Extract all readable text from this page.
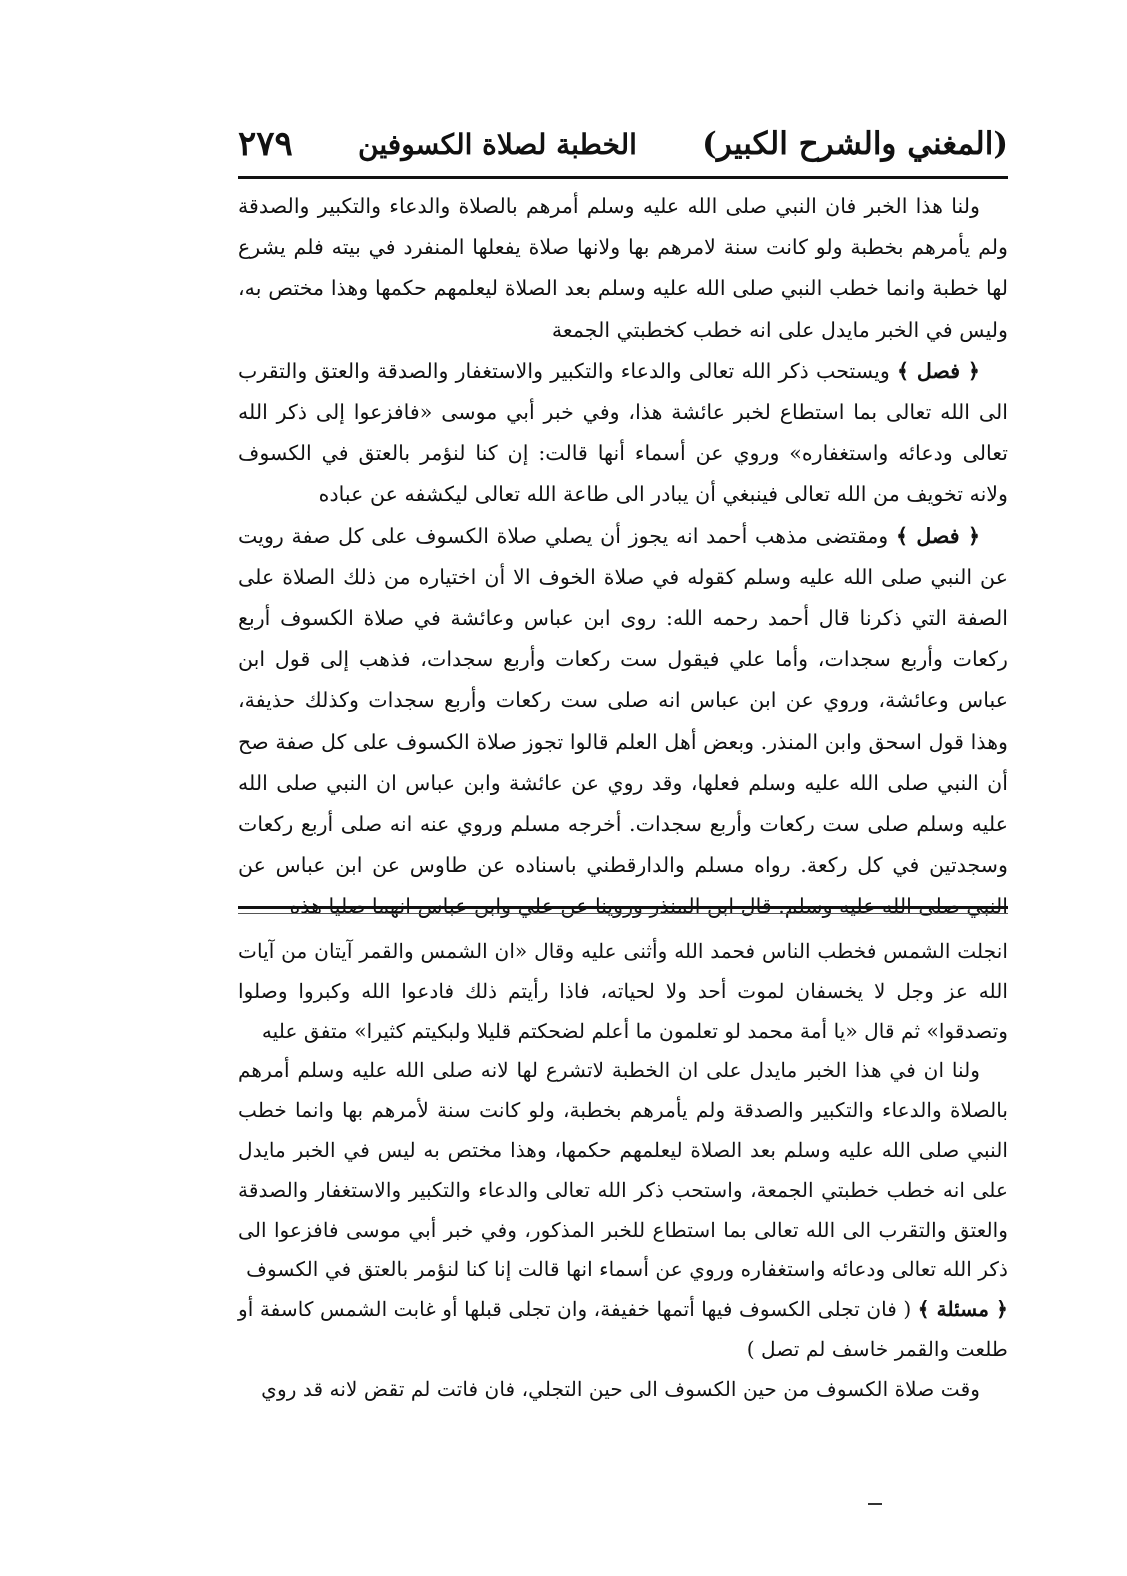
(المغني والشرح الكبير)
الخطبة لصلاة الكسوفين
٢٧٩

ولنا هذا الخبر فان النبي صلى الله عليه وسلم أمرهم بالصلاة والدعاء والتكبير والصدقة ولم يأمرهم بخطبة ولو كانت سنة لامرهم بها ولانها صلاة يفعلها المنفرد في بيته فلم يشرع لها خطبة وانما خطب النبي صلى الله عليه وسلم بعد الصلاة ليعلمهم حكمها وهذا مختص به، وليس في الخبر مايدل على انه خطب كخطبتي الجمعة

﴿ فصل ﴾ ويستحب ذكر الله تعالى والدعاء والتكبير والاستغفار والصدقة والعتق والتقرب الى الله تعالى بما استطاع لخبر عائشة هذا، وفي خبر أبي موسى «فافزعوا إلى ذكر الله تعالى ودعائه واستغفاره» وروي عن أسماء أنها قالت: إن كنا لنؤمر بالعتق في الكسوف ولانه تخويف من الله تعالى فينبغي أن يبادر الى طاعة الله تعالى ليكشفه عن عباده

﴿ فصل ﴾ ومقتضى مذهب أحمد انه يجوز أن يصلي صلاة الكسوف على كل صفة رويت عن النبي صلى الله عليه وسلم كقوله في صلاة الخوف الا أن اختياره من ذلك الصلاة على الصفة التي ذكرنا قال أحمد رحمه الله: روى ابن عباس وعائشة في صلاة الكسوف أربع ركعات وأربع سجدات، وأما علي فيقول ست ركعات وأربع سجدات، فذهب إلى قول ابن عباس وعائشة، وروي عن ابن عباس انه صلى ست ركعات وأربع سجدات وكذلك حذيفة، وهذا قول اسحق وابن المنذر. وبعض أهل العلم قالوا تجوز صلاة الكسوف على كل صفة صح أن النبي صلى الله عليه وسلم فعلها، وقد روي عن عائشة وابن عباس ان النبي صلى الله عليه وسلم صلى ست ركعات وأربع سجدات. أخرجه مسلم وروي عنه انه صلى أربع ركعات وسجدتين في كل ركعة. رواه مسلم والدارقطني باسناده عن طاوس عن ابن عباس عن النبي صلى الله عليه وسلم. قال ابن المنذر وروينا عن علي وابن عباس انهما صليا هذه

انجلت الشمس فخطب الناس فحمد الله وأثنى عليه وقال «ان الشمس والقمر آيتان من آيات الله عز وجل لا يخسفان لموت أحد ولا لحياته، فاذا رأيتم ذلك فادعوا الله وكبروا وصلوا وتصدقوا» ثم قال «يا أمة محمد لو تعلمون ما أعلم لضحكتم قليلا ولبكيتم كثيرا» متفق عليه

ولنا ان في هذا الخبر مايدل على ان الخطبة لاتشرع لها لانه صلى الله عليه وسلم أمرهم بالصلاة والدعاء والتكبير والصدقة ولم يأمرهم بخطبة، ولو كانت سنة لأمرهم بها وانما خطب النبي صلى الله عليه وسلم بعد الصلاة ليعلمهم حكمها، وهذا مختص به ليس في الخبر مايدل على انه خطب خطبتي الجمعة، واستحب ذكر الله تعالى والدعاء والتكبير والاستغفار والصدقة والعتق والتقرب الى الله تعالى بما استطاع للخبر المذكور، وفي خبر أبي موسى فافزعوا الى ذكر الله تعالى ودعائه واستغفاره وروي عن أسماء انها قالت إنا كنا لنؤمر بالعتق في الكسوف

﴿ مسئلة ﴾ ( فان تجلى الكسوف فيها أتمها خفيفة، وان تجلى قبلها أو غابت الشمس كاسفة أو طلعت والقمر خاسف لم تصل )

وقت صلاة الكسوف من حين الكسوف الى حين التجلي، فان فاتت لم تقض لانه قد روي
